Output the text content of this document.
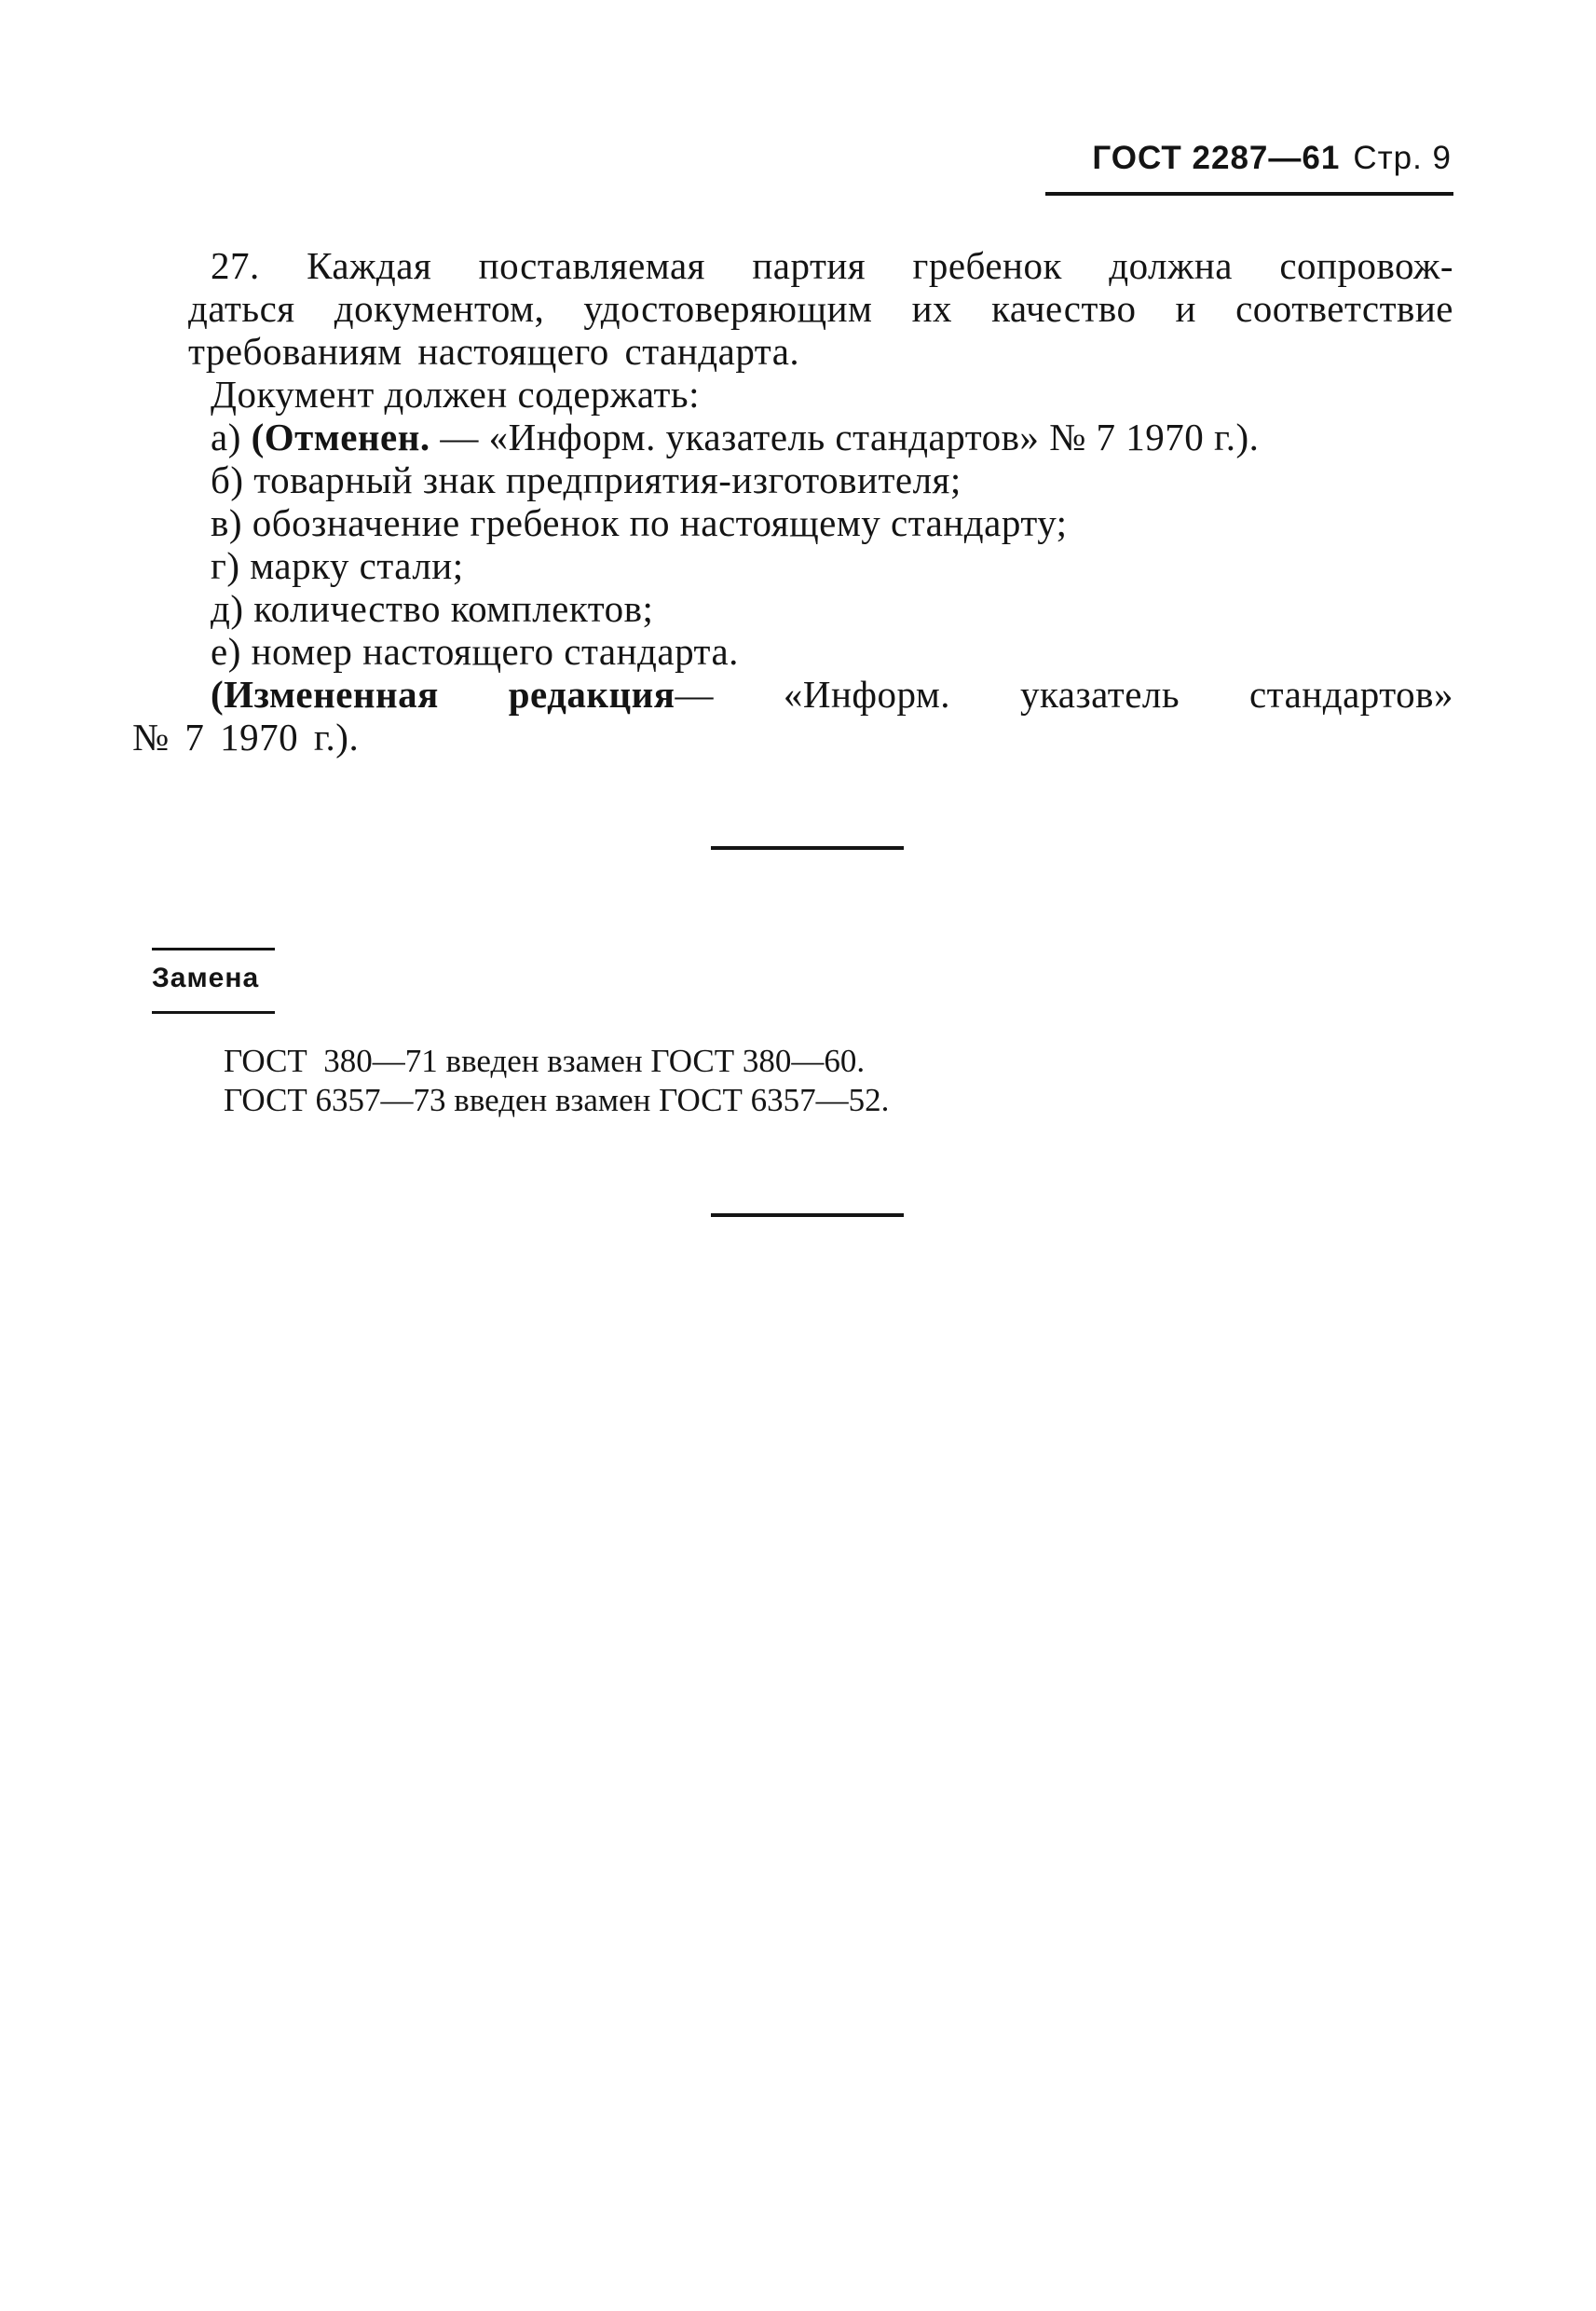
ГОСТ 2287—61 Стр. 9

27. Каждая поставляемая партия гребенок должна сопровож-

даться документом, удостоверяющим их качество и соответствие

требованиям настоящего стандарта.

Документ должен содержать:

а) (Отменен. — «Информ. указатель стандартов» № 7 1970 г.).

б) товарный знак предприятия-изготовителя;

в) обозначение гребенок по настоящему стандарту;

г) марку стали;

д) количество комплектов;

е) номер настоящего стандарта.

(Измененная редакция— «Информ. указатель стандартов»

№ 7 1970 г.).

Замена
ГОСТ  380—71 введен взамен ГОСТ 380—60.
ГОСТ 6357—73 введен взамен ГОСТ 6357—52.
